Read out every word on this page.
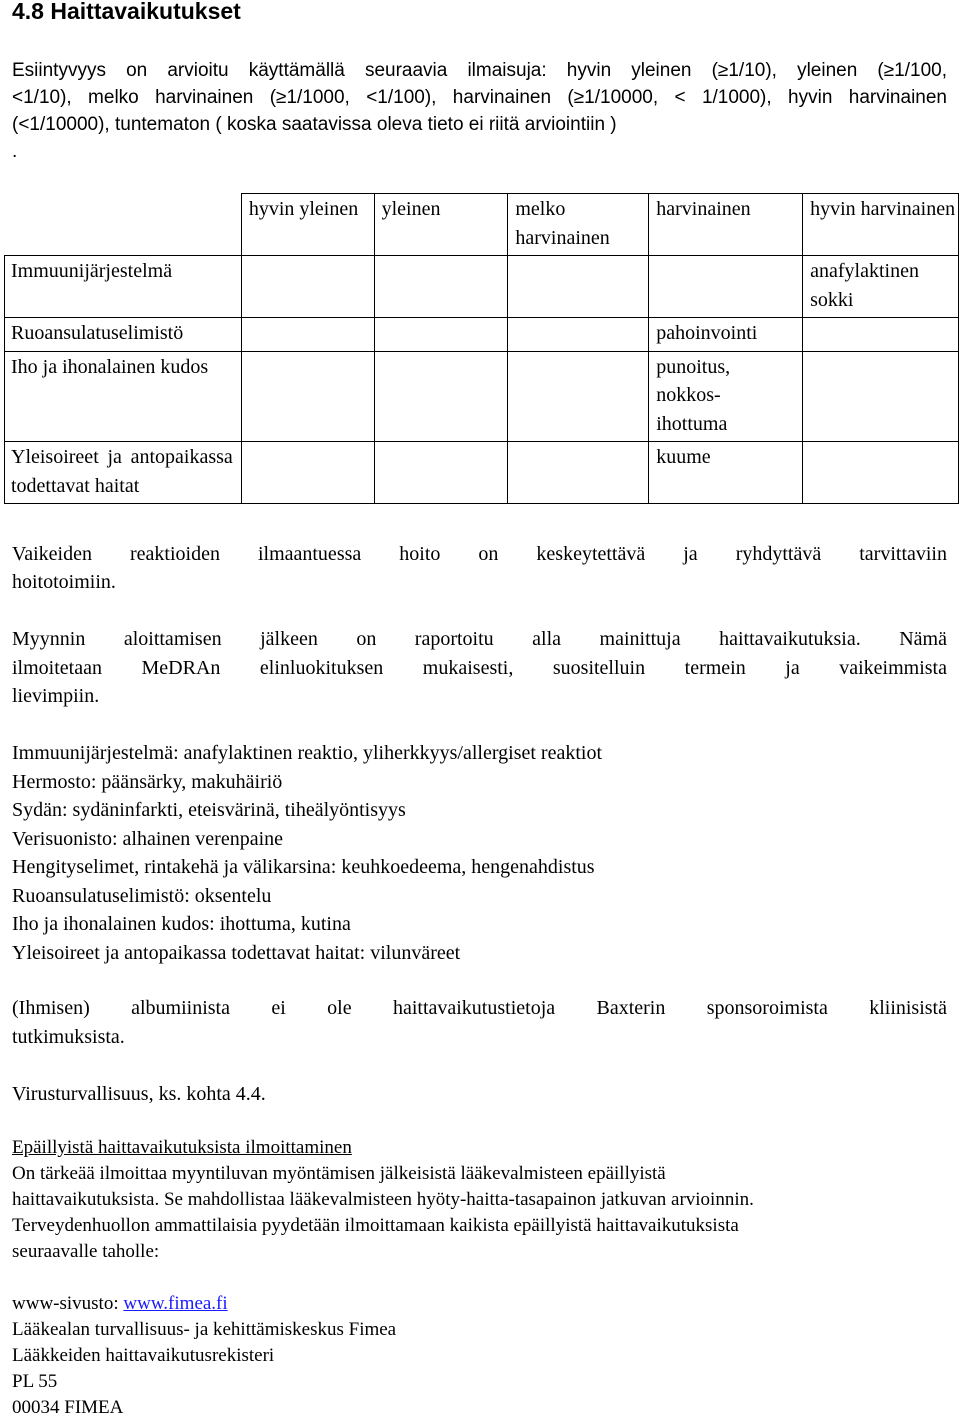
4.8 Haittavaikutukset
Esiintyvyys on arvioitu käyttämällä seuraavia ilmaisuja: hyvin yleinen (≥1/10), yleinen (≥1/100,
<1/10), melko harvinainen (≥1/1000, <1/100), harvinainen (≥1/10000, < 1/1000), hyvin harvinainen
(<1/10000), tuntematon ( koska saatavissa oleva tieto ei riitä arviointiin )
.
	hyvin yleinen	yleinen	melko harvinainen	harvinainen	hyvin harvinainen
Immuunijärjestelmä					anafylaktinen sokki
Ruoansulatuselimistö				pahoinvointi	
Iho ja ihonalainen kudos				punoitus, nokkos-ihottuma	
Yleisoireet ja antopaikassa todettavat haitat				kuume	
Vaikeiden reaktioiden ilmaantuessa hoito on keskeytettävä ja ryhdyttävä tarvittaviin
hoitotoimiin.
Myynnin aloittamisen jälkeen on raportoitu alla mainittuja haittavaikutuksia. Nämä
ilmoitetaan MeDRAn elinluokituksen mukaisesti, suositelluin termein ja vaikeimmista
lievimpiin.
Immuunijärjestelmä: anafylaktinen reaktio, yliherkkyys/allergiset reaktiot
Hermosto: päänsärky, makuhäiriö
Sydän: sydäninfarkti, eteisvärinä, tiheälyöntisyys
Verisuonisto: alhainen verenpaine
Hengityselimet, rintakehä ja välikarsina: keuhkoedeema, hengenahdistus
Ruoansulatuselimistö: oksentelu
Iho ja ihonalainen kudos: ihottuma, kutina
Yleisoireet ja antopaikassa todettavat haitat: vilunväreet
(Ihmisen) albumiinista ei ole haittavaikutustietoja Baxterin sponsoroimista kliinisistä
tutkimuksista.
Virusturvallisuus, ks. kohta 4.4.
Epäillyistä haittavaikutuksista ilmoittaminen
On tärkeää ilmoittaa myyntiluvan myöntämisen jälkeisistä lääkevalmisteen epäillyistä
haittavaikutuksista. Se mahdollistaa lääkevalmisteen hyöty-haitta-tasapainon jatkuvan arvioinnin.
Terveydenhuollon ammattilaisia pyydetään ilmoittamaan kaikista epäillyistä haittavaikutuksista
seuraavalle taholle:
www-sivusto: www.fimea.fi
Lääkealan turvallisuus- ja kehittämiskeskus Fimea
Lääkkeiden haittavaikutusrekisteri
PL 55
00034 FIMEA
